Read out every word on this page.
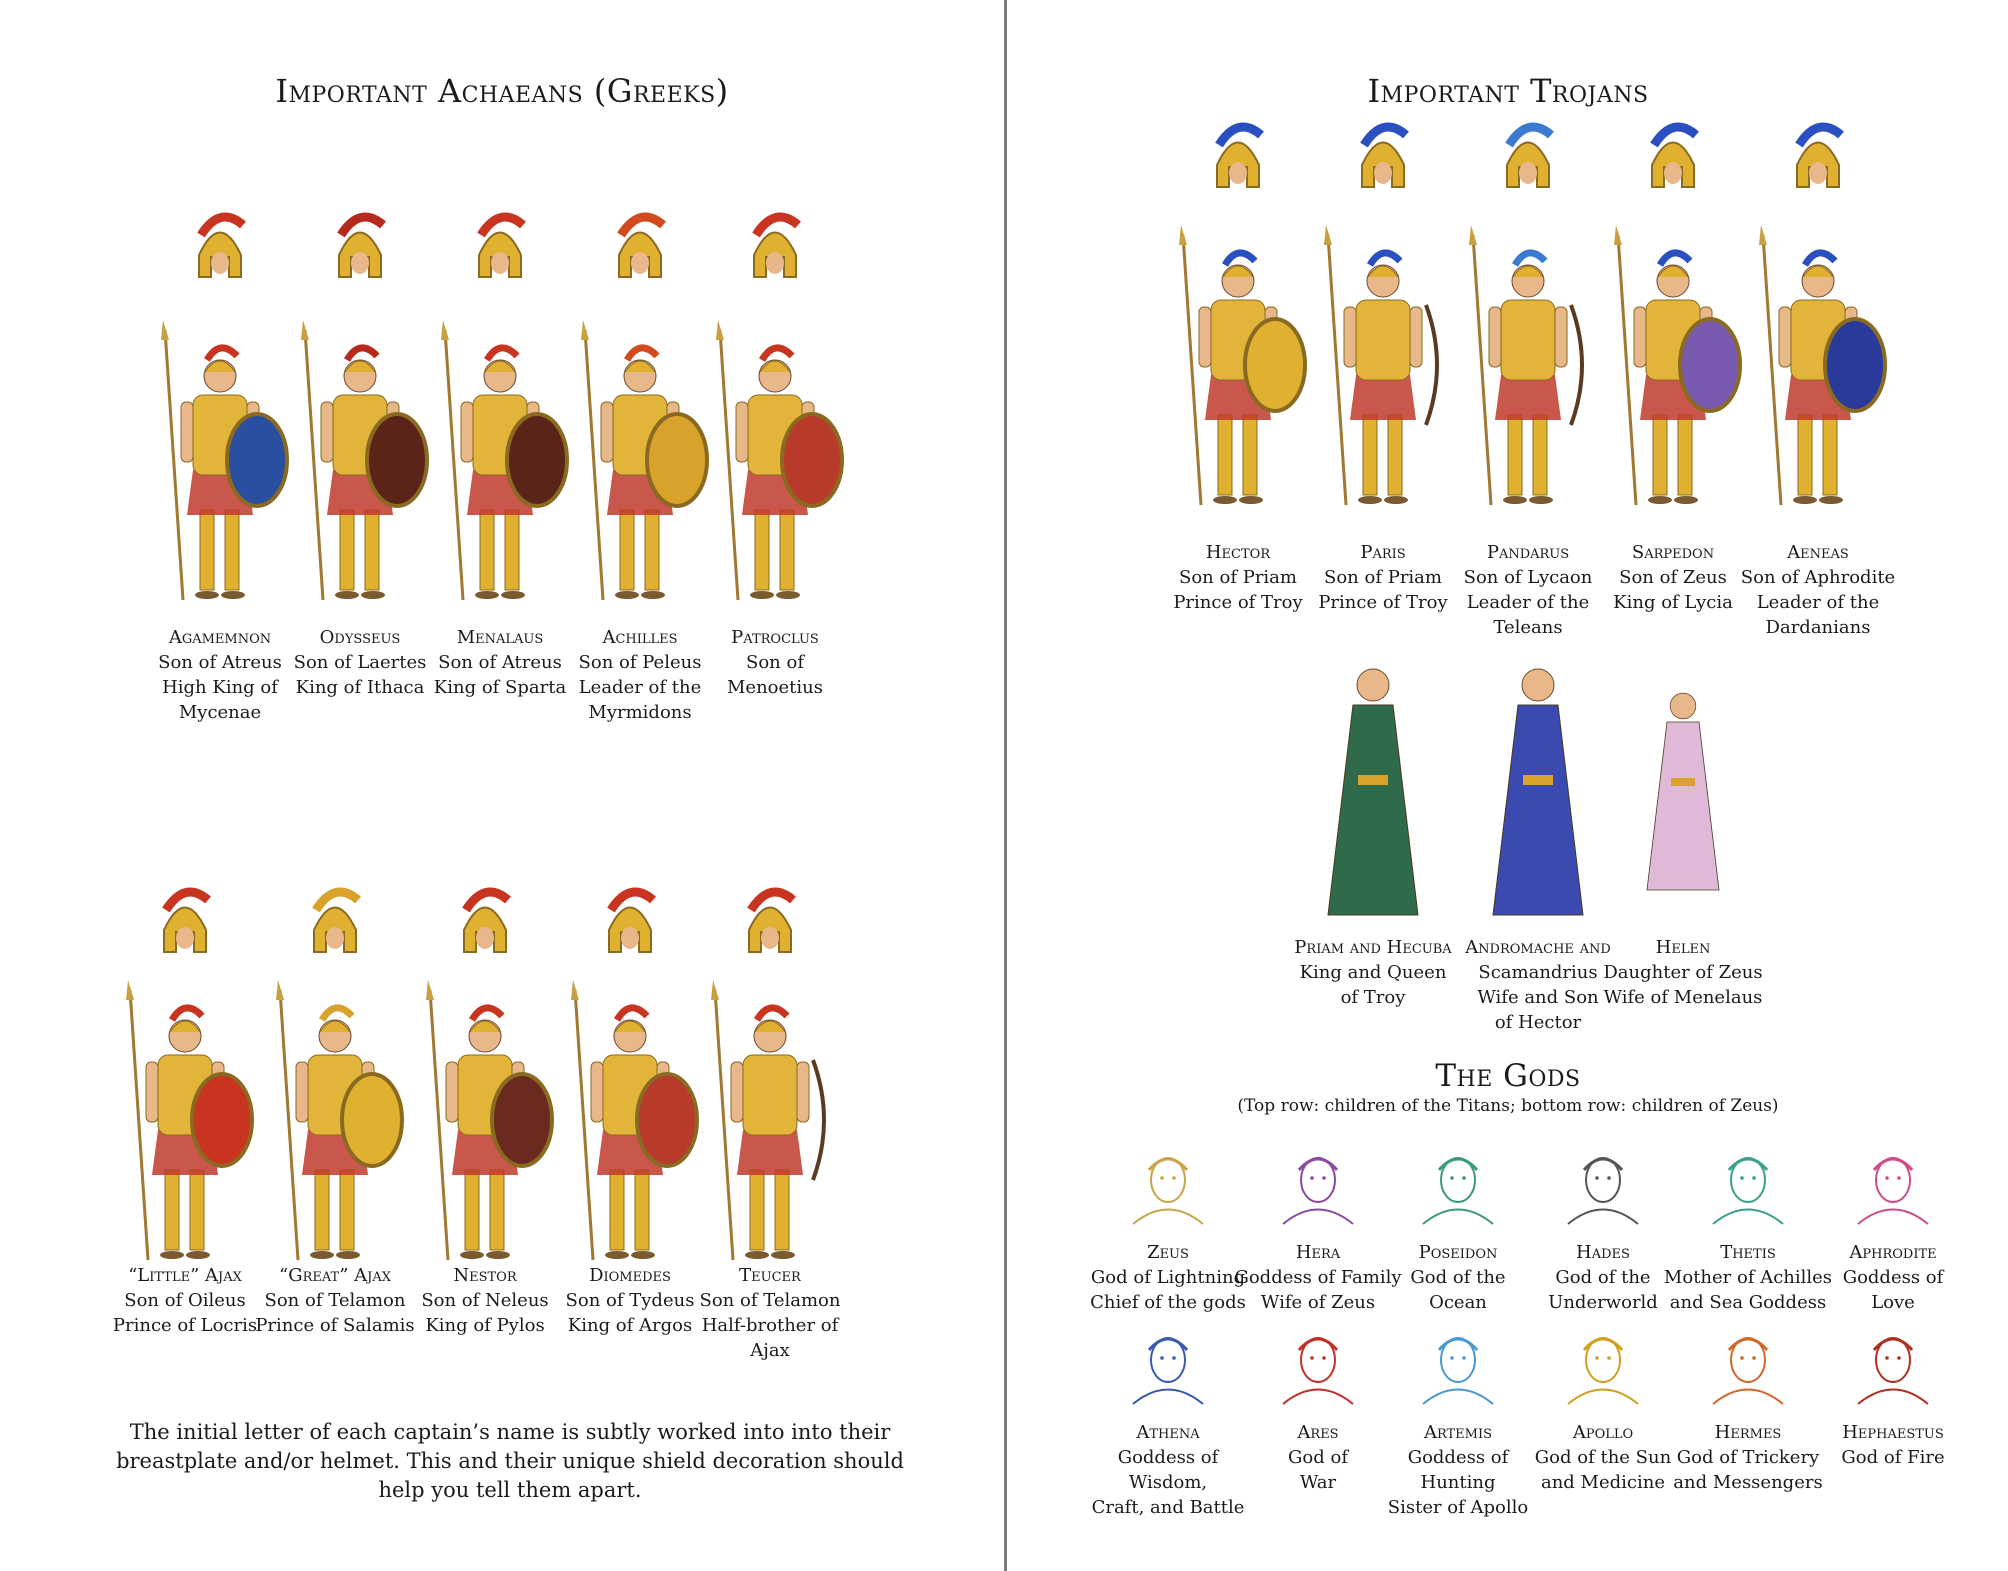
Important Achaeans (Greeks)
Agamemnon
Son of Atreus
High King of
Mycenae
Odysseus
Son of Laertes
King of Ithaca
Menalaus
Son of Atreus
King of Sparta
Achilles
Son of Peleus
Leader of the
Myrmidons
Patroclus
Son of
Menoetius
“Little” Ajax
Son of Oileus
Prince of Locris
“Great” Ajax
Son of Telamon
Prince of Salamis
Nestor
Son of Neleus
King of Pylos
Diomedes
Son of Tydeus
King of Argos
Teucer
Son of Telamon
Half-brother of
Ajax
The initial letter of each captain’s name is subtly worked into into their breastplate and/or helmet. This and their unique shield decoration should help you tell them apart.
Important Trojans
Hector
Son of Priam
Prince of Troy
Paris
Son of Priam
Prince of Troy
Pandarus
Son of Lycaon
Leader of the
Teleans
Sarpedon
Son of Zeus
King of Lycia
Aeneas
Son of Aphrodite
Leader of the
Dardanians
Priam and Hecuba
King and Queen
of Troy
Andromache and
Scamandrius
Wife and Son
of Hector
Helen
Daughter of Zeus
Wife of Menelaus
The Gods
(Top row: children of the Titans; bottom row: children of Zeus)
Zeus
God of Lightning
Chief of the gods
Hera
Goddess of Family
Wife of Zeus
Poseidon
God of the
Ocean
Hades
God of the
Underworld
Thetis
Mother of Achilles
and Sea Goddess
Aphrodite
Goddess of
Love
Athena
Goddess of Wisdom,
Craft, and Battle
Ares
God of
War
Artemis
Goddess of Hunting
Sister of Apollo
Apollo
God of the Sun
and Medicine
Hermes
God of Trickery
and Messengers
Hephaestus
God of Fire
